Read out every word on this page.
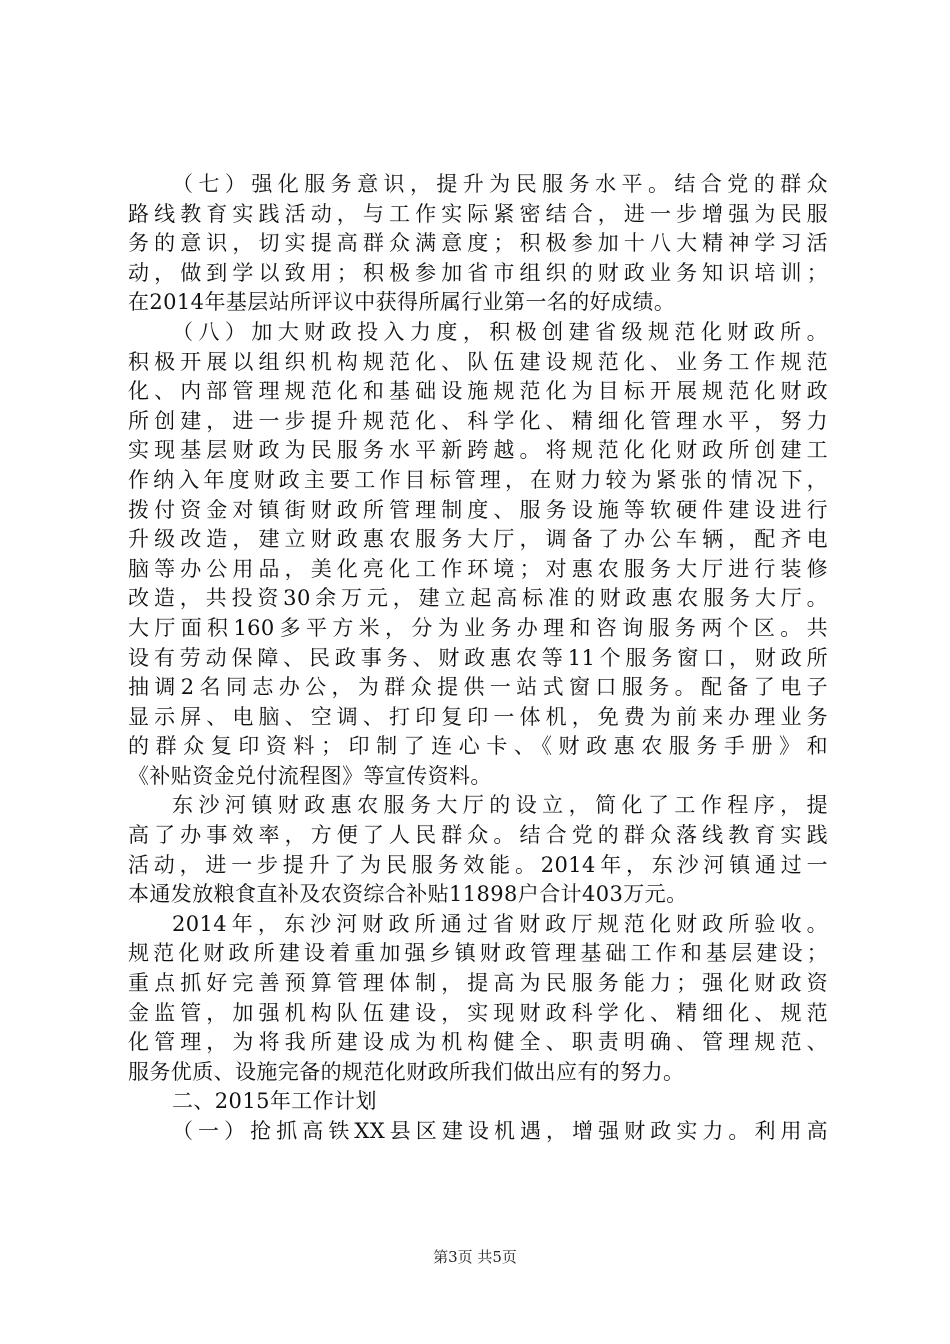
（七）强化服务意识，提升为民服务水平。结合党的群众
路线教育实践活动，与工作实际紧密结合，进一步增强为民服
务的意识，切实提高群众满意度；积极参加十八大精神学习活
动，做到学以致用；积极参加省市组织的财政业务知识培训；
在2014年基层站所评议中获得所属行业第一名的好成绩。
（八）加大财政投入力度，积极创建省级规范化财政所。
积极开展以组织机构规范化、队伍建设规范化、业务工作规范
化、内部管理规范化和基础设施规范化为目标开展规范化财政
所创建，进一步提升规范化、科学化、精细化管理水平，努力
实现基层财政为民服务水平新跨越。将规范化化财政所创建工
作纳入年度财政主要工作目标管理，在财力较为紧张的情况下，
拨付资金对镇街财政所管理制度、服务设施等软硬件建设进行
升级改造，建立财政惠农服务大厅，调备了办公车辆，配齐电
脑等办公用品，美化亮化工作环境；对惠农服务大厅进行装修
改造，共投资30余万元，建立起高标准的财政惠农服务大厅。
大厅面积160多平方米，分为业务办理和咨询服务两个区。共
设有劳动保障、民政事务、财政惠农等11个服务窗口，财政所
抽调2名同志办公，为群众提供一站式窗口服务。配备了电子
显示屏、电脑、空调、打印复印一体机，免费为前来办理业务
的群众复印资料；印制了连心卡、《财政惠农服务手册》和
《补贴资金兑付流程图》等宣传资料。
东沙河镇财政惠农服务大厅的设立，简化了工作程序，提
高了办事效率，方便了人民群众。结合党的群众落线教育实践
活动，进一步提升了为民服务效能。2014年，东沙河镇通过一
本通发放粮食直补及农资综合补贴11898户合计403万元。
2014年，东沙河财政所通过省财政厅规范化财政所验收。
规范化财政所建设着重加强乡镇财政管理基础工作和基层建设；
重点抓好完善预算管理体制，提高为民服务能力；强化财政资
金监管，加强机构队伍建设，实现财政科学化、精细化、规范
化管理，为将我所建设成为机构健全、职责明确、管理规范、
服务优质、设施完备的规范化财政所我们做出应有的努力。
二、2015年工作计划
（一）抢抓高铁XX县区建设机遇，增强财政实力。利用高
第3页 共5页
